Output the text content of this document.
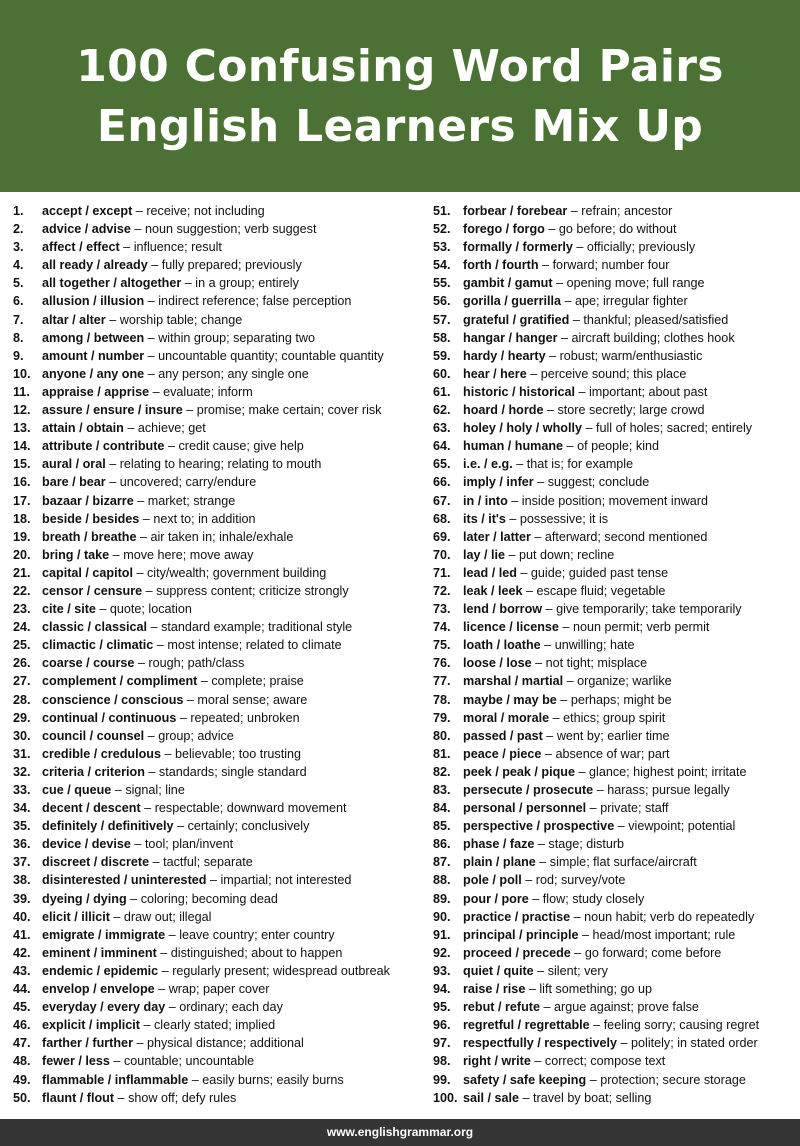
100 Confusing Word Pairs
English Learners Mix Up
1. accept / except – receive; not including
2. advice / advise – noun suggestion; verb suggest
3. affect / effect – influence; result
4. all ready / already – fully prepared; previously
5. all together / altogether – in a group; entirely
6. allusion / illusion – indirect reference; false perception
7. altar / alter – worship table; change
8. among / between – within group; separating two
9. amount / number – uncountable quantity; countable quantity
10. anyone / any one – any person; any single one
11. appraise / apprise – evaluate; inform
12. assure / ensure / insure – promise; make certain; cover risk
13. attain / obtain – achieve; get
14. attribute / contribute – credit cause; give help
15. aural / oral – relating to hearing; relating to mouth
16. bare / bear – uncovered; carry/endure
17. bazaar / bizarre – market; strange
18. beside / besides – next to; in addition
19. breath / breathe – air taken in; inhale/exhale
20. bring / take – move here; move away
21. capital / capitol – city/wealth; government building
22. censor / censure – suppress content; criticize strongly
23. cite / site – quote; location
24. classic / classical – standard example; traditional style
25. climactic / climatic – most intense; related to climate
26. coarse / course – rough; path/class
27. complement / compliment – complete; praise
28. conscience / conscious – moral sense; aware
29. continual / continuous – repeated; unbroken
30. council / counsel – group; advice
31. credible / credulous – believable; too trusting
32. criteria / criterion – standards; single standard
33. cue / queue – signal; line
34. decent / descent – respectable; downward movement
35. definitely / definitively – certainly; conclusively
36. device / devise – tool; plan/invent
37. discreet / discrete – tactful; separate
38. disinterested / uninterested – impartial; not interested
39. dyeing / dying – coloring; becoming dead
40. elicit / illicit – draw out; illegal
41. emigrate / immigrate – leave country; enter country
42. eminent / imminent – distinguished; about to happen
43. endemic / epidemic – regularly present; widespread outbreak
44. envelop / envelope – wrap; paper cover
45. everyday / every day – ordinary; each day
46. explicit / implicit – clearly stated; implied
47. farther / further – physical distance; additional
48. fewer / less – countable; uncountable
49. flammable / inflammable – easily burns; easily burns
50. flaunt / flout – show off; defy rules
51. forbear / forebear – refrain; ancestor
52. forego / forgo – go before; do without
53. formally / formerly – officially; previously
54. forth / fourth – forward; number four
55. gambit / gamut – opening move; full range
56. gorilla / guerrilla – ape; irregular fighter
57. grateful / gratified – thankful; pleased/satisfied
58. hangar / hanger – aircraft building; clothes hook
59. hardy / hearty – robust; warm/enthusiastic
60. hear / here – perceive sound; this place
61. historic / historical – important; about past
62. hoard / horde – store secretly; large crowd
63. holey / holy / wholly – full of holes; sacred; entirely
64. human / humane – of people; kind
65. i.e. / e.g. – that is; for example
66. imply / infer – suggest; conclude
67. in / into – inside position; movement inward
68. its / it's – possessive; it is
69. later / latter – afterward; second mentioned
70. lay / lie – put down; recline
71. lead / led – guide; guided past tense
72. leak / leek – escape fluid; vegetable
73. lend / borrow – give temporarily; take temporarily
74. licence / license – noun permit; verb permit
75. loath / loathe – unwilling; hate
76. loose / lose – not tight; misplace
77. marshal / martial – organize; warlike
78. maybe / may be – perhaps; might be
79. moral / morale – ethics; group spirit
80. passed / past – went by; earlier time
81. peace / piece – absence of war; part
82. peek / peak / pique – glance; highest point; irritate
83. persecute / prosecute – harass; pursue legally
84. personal / personnel – private; staff
85. perspective / prospective – viewpoint; potential
86. phase / faze – stage; disturb
87. plain / plane – simple; flat surface/aircraft
88. pole / poll – rod; survey/vote
89. pour / pore – flow; study closely
90. practice / practise – noun habit; verb do repeatedly
91. principal / principle – head/most important; rule
92. proceed / precede – go forward; come before
93. quiet / quite – silent; very
94. raise / rise – lift something; go up
95. rebut / refute – argue against; prove false
96. regretful / regrettable – feeling sorry; causing regret
97. respectfully / respectively – politely; in stated order
98. right / write – correct; compose text
99. safety / safe keeping – protection; secure storage
100. sail / sale – travel by boat; selling
www.englishgrammar.org
